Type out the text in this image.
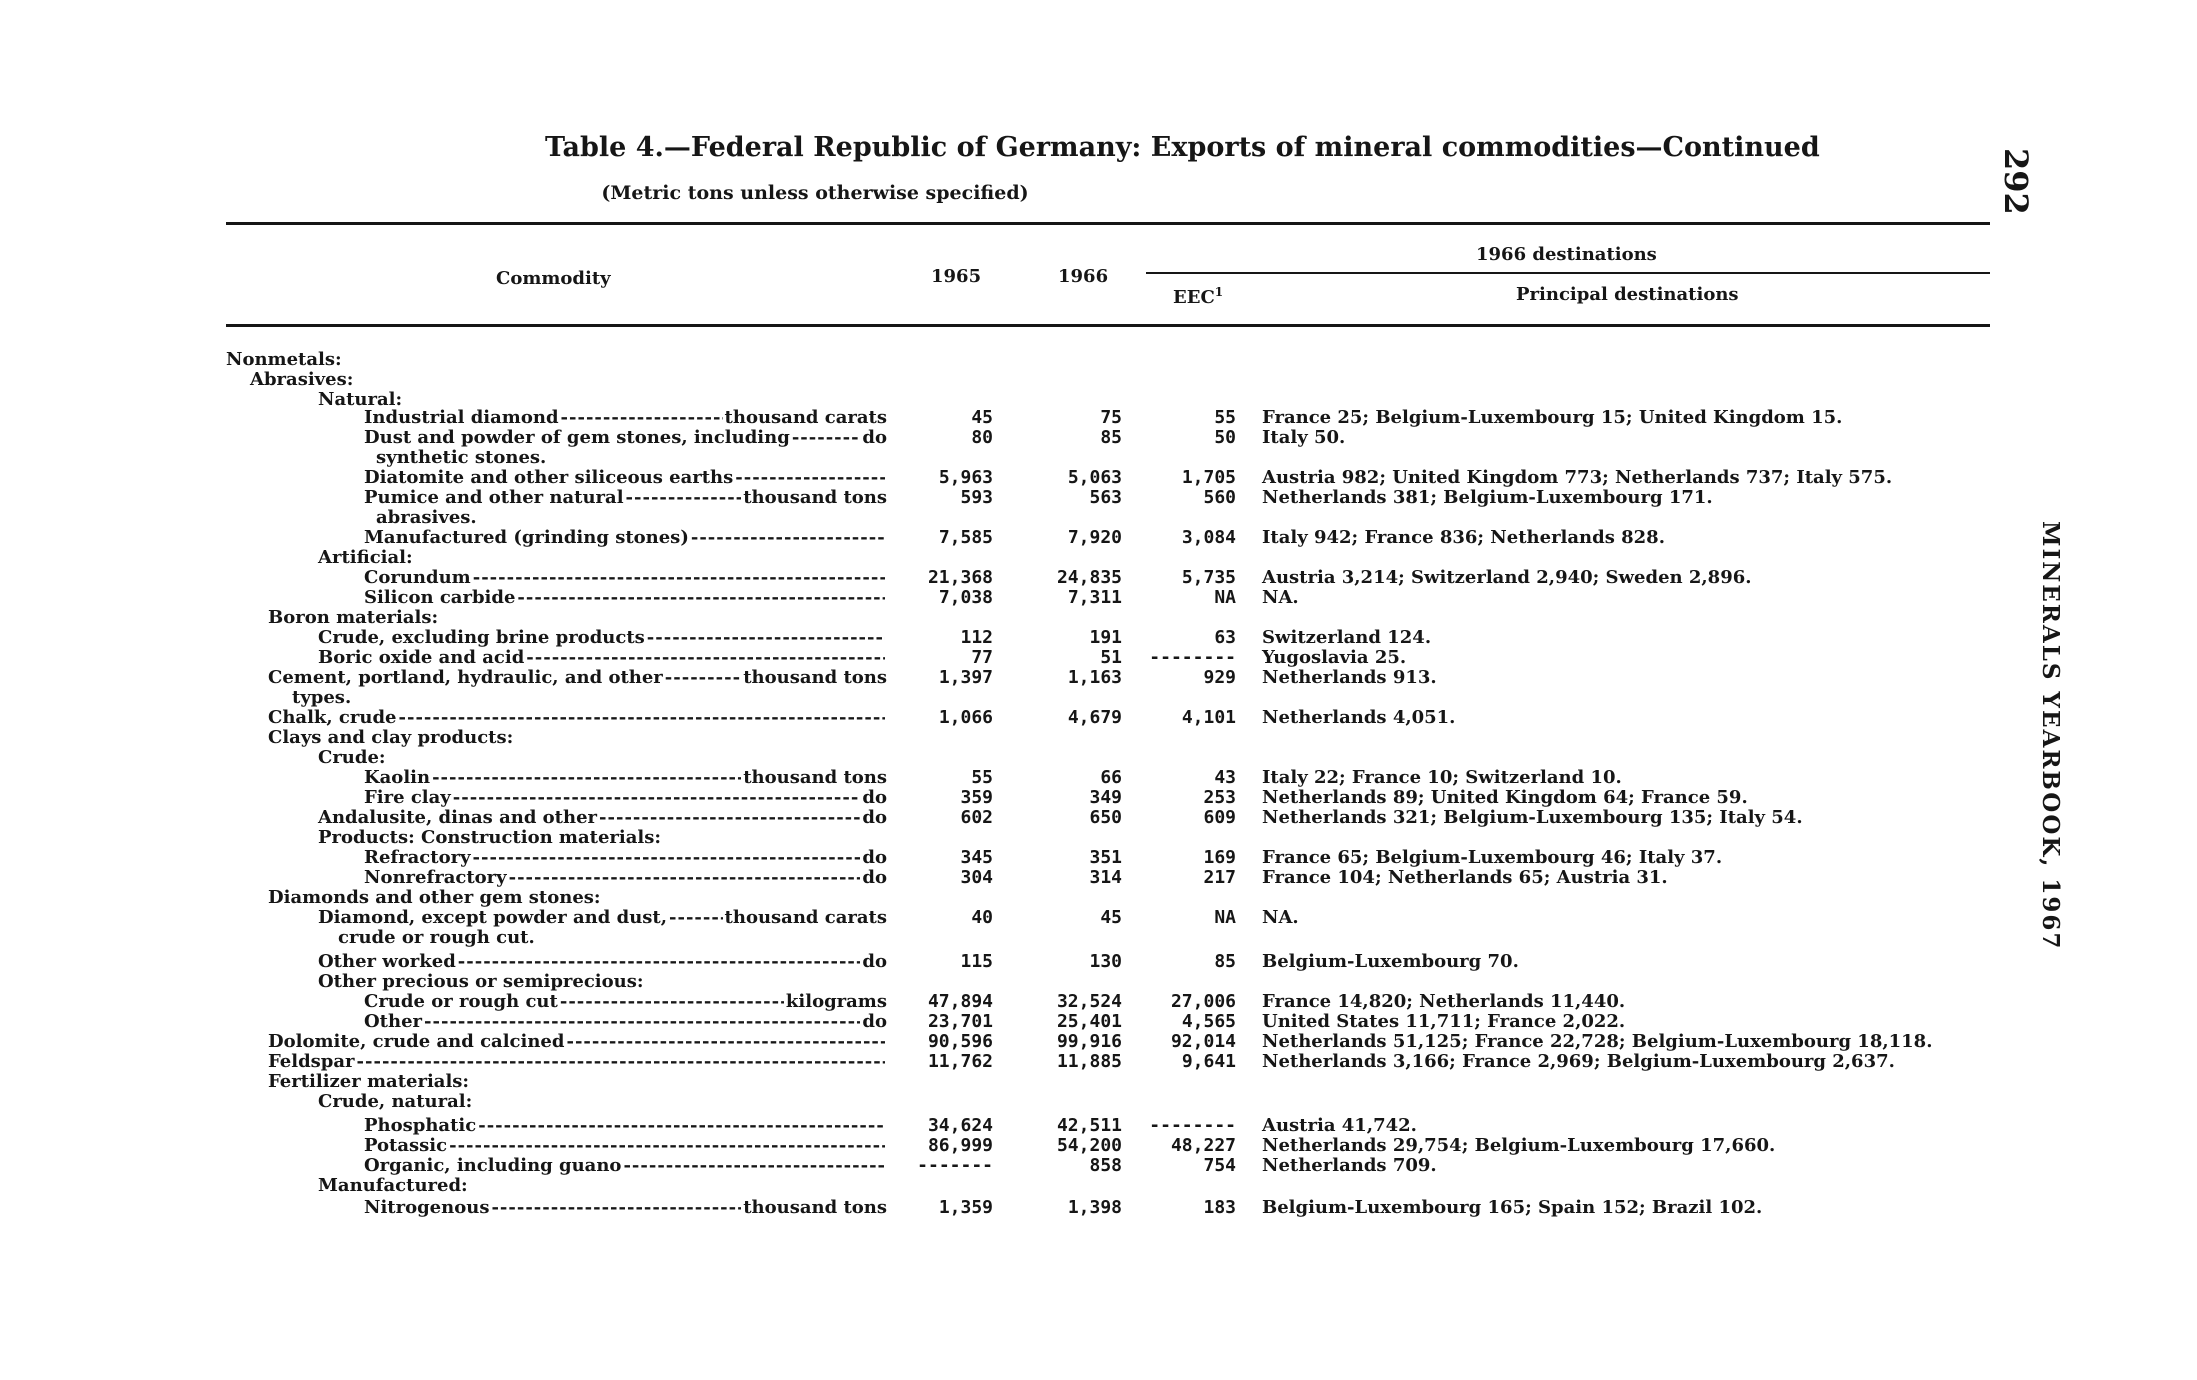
Table 4.—Federal Republic of Germany: Exports of mineral commodities—Continued
(Metric tons unless otherwise specified)	292
MINERALS YEARBOOK, 1967
Commodity	1965	1966
1966 destinations
EEC$^1$	Principal destinations
Nonmetals:
Abrasives:
Natural:
Industrial diamond -----	thousand carats	45	75	55 France 25; Belgium-Luxembourg 15; United Kingdom 15.
Dust and powder of gem stones, including -----	do	80	85	50 Italy 50.
synthetic stones.
Diatomite and other siliceous earths -----	5,963	5,063	1,705 Austria 982; United Kingdom 773; Netherlands 737; Italy 575.
Pumice and other natural -----	thousand tons	593	563	560 Netherlands 381; Belgium-Luxembourg 171.
abrasives.
Manufactured (grinding stones) -----	7,585	7,920	3,084 Italy 942; France 836; Netherlands 828.
Artificial:
Corundum -----	21,368	24,835	5,735 Austria 3,214; Switzerland 2,940; Sweden 2,896.
Silicon carbide -----	7,038	7,311	NA NA.
Boron materials:
Crude, excluding brine products -----	112	191	63 Switzerland 124.
Boric oxide and acid -----	77	51 -------- Yugoslavia 25.
Cement, portland, hydraulic, and other -----	thousand tons	1,397	1,163	929 Netherlands 913.
types.
Chalk, crude -----	1,066	4,679	4,101 Netherlands 4,051.
Clays and clay products:
Crude:
Kaolin -----	thousand tons	55	66	43 Italy 22; France 10; Switzerland 10.
Fire clay -----	do	359	349	253 Netherlands 89; United Kingdom 64; France 59.
Andalusite, dinas and other -----	do	602	650	609 Netherlands 321; Belgium-Luxembourg 135; Italy 54.
Products: Construction materials:
Refractory -----	do	345	351	169 France 65; Belgium-Luxembourg 46; Italy 37.
Nonrefractory -----	do	304	314	217 France 104; Netherlands 65; Austria 31.
Diamonds and other gem stones:
Diamond, except powder and dust, -----	thousand carats	40	45	NA NA.
crude or rough cut.
Other worked -----	do	115	130	85 Belgium-Luxembourg 70.
Other precious or semiprecious:
Crude or rough cut -----	kilograms 47,894	32,524	27,006 France 14,820; Netherlands 11,440.
Other -----	do 23,701	25,401	4,565 United States 11,711; France 2,022.
Dolomite, crude and calcined -----	90,596	99,916	92,014 Netherlands 51,125; France 22,728; Belgium-Luxembourg 18,118.
Feldspar -----	11,762	11,885	9,641 Netherlands 3,166; France 2,969; Belgium-Luxembourg 2,637.
Fertilizer materials:
Crude, natural:
Phosphatic -----	34,624	42,511 -------- Austria 41,742.
Potassic -----	86,999	54,200	48,227 Netherlands 29,754; Belgium-Luxembourg 17,660.
Organic, including guano -----	-------	858	754 Netherlands 709.
Manufactured:
Nitrogenous -----	thousand tons	1,359	1,398	183 Belgium-Luxembourg 165; Spain 152; Brazil 102.
